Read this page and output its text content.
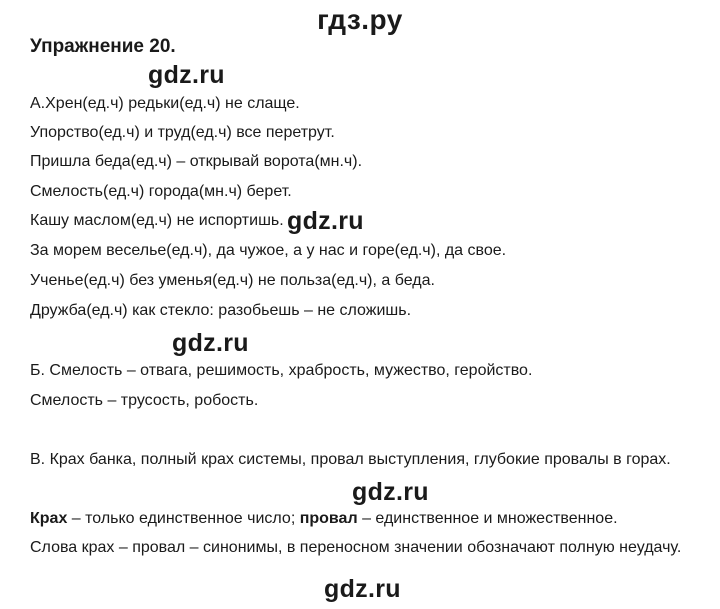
гдз.ру
Упражнение 20.
gdz.ru
А.Хрен(ед.ч) редьки(ед.ч) не слаще.
Упорство(ед.ч) и труд(ед.ч) все перетрут.
Пришла беда(ед.ч) – открывай ворота(мн.ч).
Смелость(ед.ч) города(мн.ч) берет.
Кашу маслом(ед.ч) не испортишь. gdz.ru
За морем веселье(ед.ч), да чужое, а у нас и горе(ед.ч), да свое.
Ученье(ед.ч) без уменья(ед.ч) не польза(ед.ч), а беда.
Дружба(ед.ч) как стекло: разобьешь – не сложишь.
gdz.ru
Б. Смелость – отвага, решимость, храбрость, мужество, геройство.
Смелость – трусость, робость.
В. Крах банка, полный крах системы, провал выступления, глубокие провалы в горах.
gdz.ru
Крах – только единственное число; провал – единственное и множественное.
Слова крах – провал – синонимы, в переносном значении обозначают полную неудачу.
gdz.ru
